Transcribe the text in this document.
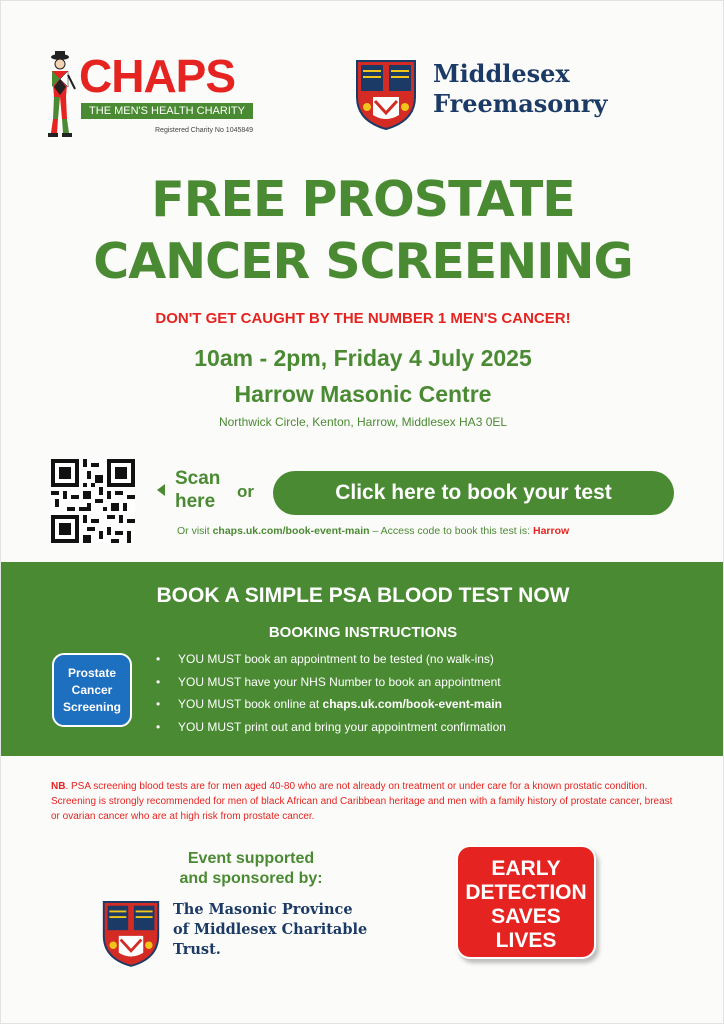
CHAPS
THE MEN'S HEALTH CHARITY
Registered Charity No 1045849
Middlesex
Freemasonry
FREE PROSTATE
CANCER SCREENING
DON'T GET CAUGHT BY THE NUMBER 1 MEN'S CANCER!
10am - 2pm, Friday 4 July 2025
Harrow Masonic Centre
Northwick Circle, Kenton, Harrow, Middlesex HA3 0EL
Scan
here	or	Click here to book your test
Or visit chaps.uk.com/book-event-main – Access code to book this test is: Harrow
BOOK A SIMPLE PSA BLOOD TEST NOW
BOOKING INSTRUCTIONS
Prostate
Cancer
Screening
• YOU MUST book an appointment to be tested (no walk-ins)
• YOU MUST have your NHS Number to book an appointment
• YOU MUST book online at chaps.uk.com/book-event-main
• YOU MUST print out and bring your appointment confirmation
NB. PSA screening blood tests are for men aged 40-80 who are not already on treatment or under care for a known prostatic condition. Screening is strongly recommended for men of black African and Caribbean heritage and men with a family history of prostate cancer, breast or ovarian cancer who are at high risk from prostate cancer.
Event supported
and sponsored by:
The Masonic Province
of Middlesex Charitable
Trust.
EARLY
DETECTION
SAVES
LIVES
